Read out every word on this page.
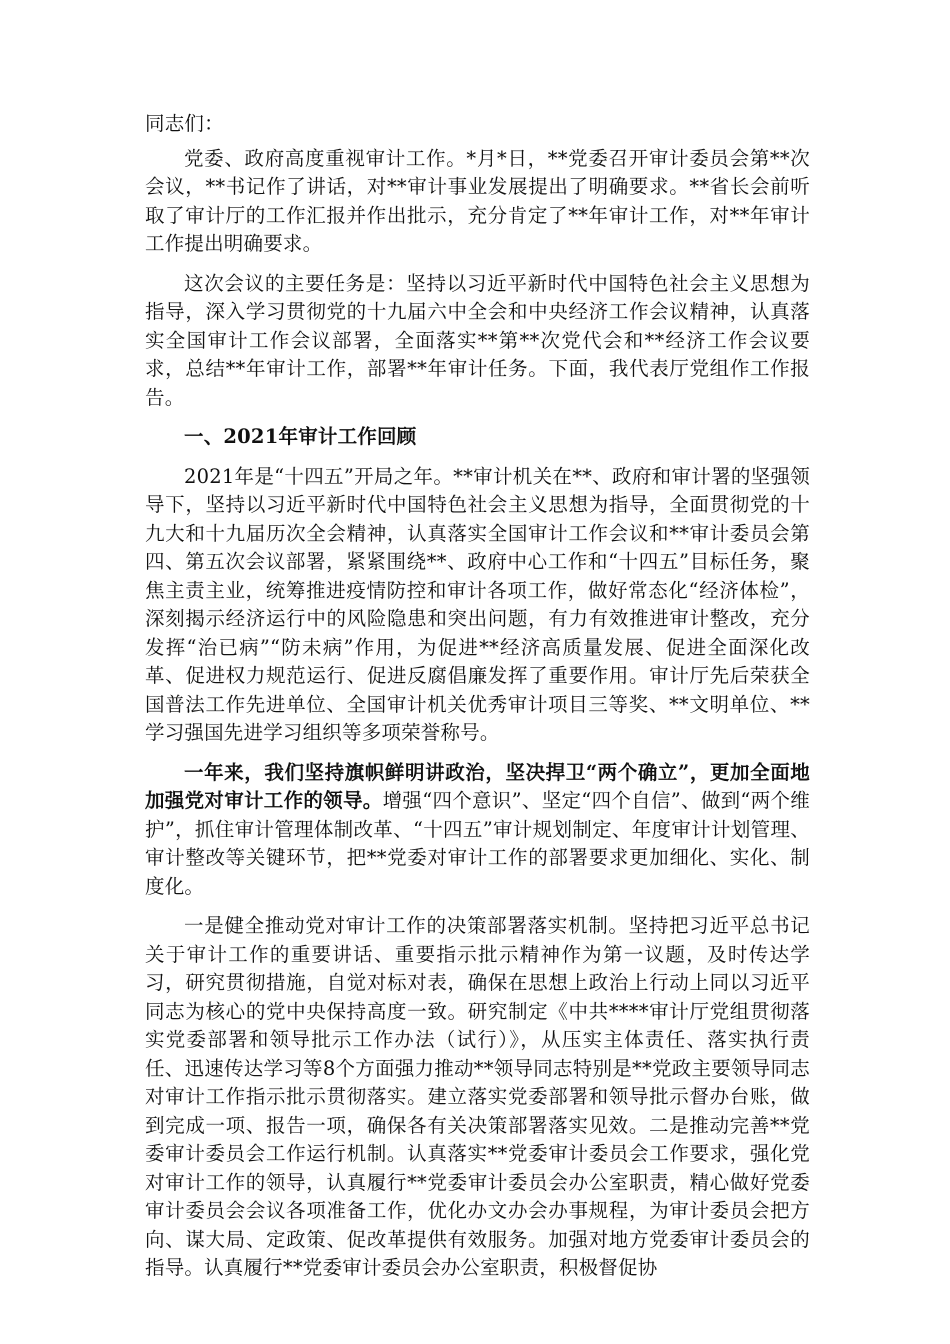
同志们：

党委、政府高度重视审计工作。*月*日，**党委召开审计委员会第**次会议，**书记作了讲话，对**审计事业发展提出了明确要求。**省长会前听取了审计厅的工作汇报并作出批示，充分肯定了**年审计工作，对**年审计工作提出明确要求。

这次会议的主要任务是：坚持以习近平新时代中国特色社会主义思想为指导，深入学习贯彻党的十九届六中全会和中央经济工作会议精神，认真落实全国审计工作会议部署，全面落实**第**次党代会和**经济工作会议要求，总结**年审计工作，部署**年审计任务。下面，我代表厅党组作工作报告。

一、2021年审计工作回顾

2021年是“十四五”开局之年。**审计机关在**、政府和审计署的坚强领导下，坚持以习近平新时代中国特色社会主义思想为指导，全面贯彻党的十九大和十九届历次全会精神，认真落实全国审计工作会议和**审计委员会第四、第五次会议部署，紧紧围绕**、政府中心工作和“十四五”目标任务，聚焦主责主业，统筹推进疫情防控和审计各项工作，做好常态化“经济体检”，深刻揭示经济运行中的风险隐患和突出问题，有力有效推进审计整改，充分发挥“治已病”“防未病”作用，为促进**经济高质量发展、促进全面深化改革、促进权力规范运行、促进反腐倡廉发挥了重要作用。审计厅先后荣获全国普法工作先进单位、全国审计机关优秀审计项目三等奖、**文明单位、**学习强国先进学习组织等多项荣誉称号。

一年来，我们坚持旗帜鲜明讲政治，坚决捍卫“两个确立”，更加全面地加强党对审计工作的领导。增强“四个意识”、坚定“四个自信”、做到“两个维护”，抓住审计管理体制改革、“十四五”审计规划制定、年度审计计划管理、审计整改等关键环节，把**党委对审计工作的部署要求更加细化、实化、制度化。

一是健全推动党对审计工作的决策部署落实机制。坚持把习近平总书记关于审计工作的重要讲话、重要指示批示精神作为第一议题，及时传达学习，研究贯彻措施，自觉对标对表，确保在思想上政治上行动上同以习近平同志为核心的党中央保持高度一致。研究制定《中共****审计厅党组贯彻落实党委部署和领导批示工作办法（试行）》，从压实主体责任、落实执行责任、迅速传达学习等8个方面强力推动**领导同志特别是**党政主要领导同志对审计工作指示批示贯彻落实。建立落实党委部署和领导批示督办台账，做到完成一项、报告一项，确保各有关决策部署落实见效。二是推动完善**党委审计委员会工作运行机制。认真落实**党委审计委员会工作要求，强化党对审计工作的领导，认真履行**党委审计委员会办公室职责，精心做好党委审计委员会会议各项准备工作，优化办文办会办事规程，为审计委员会把方向、谋大局、定政策、促改革提供有效服务。加强对地方党委审计委员会的指导。认真履行**党委审计委员会办公室职责，积极督促协
